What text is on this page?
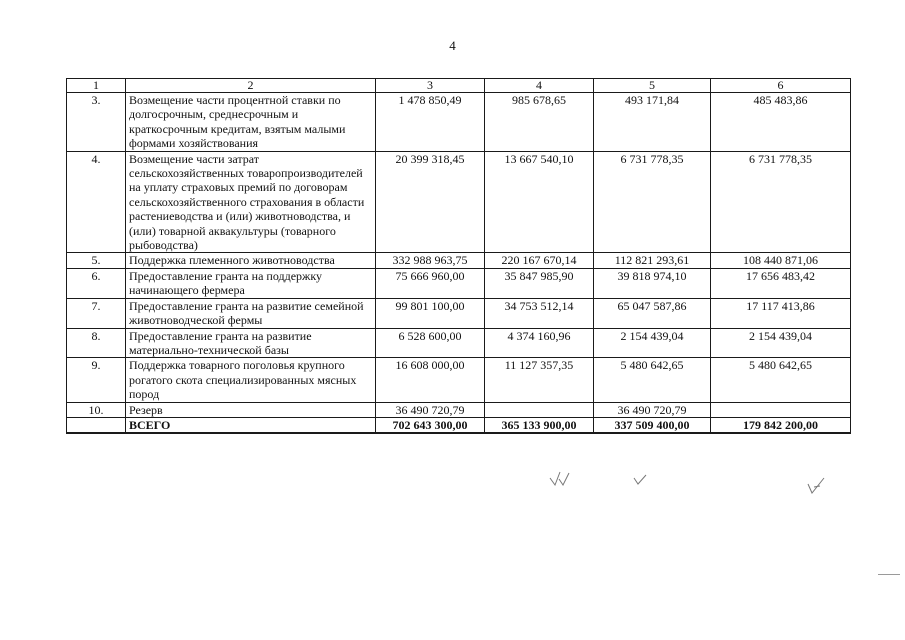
4
1	2	3	4	5	6
3.	Возмещение части процентной ставки по долгосрочным, среднесрочным и краткосрочным кредитам, взятым малыми формами хозяйствования	1 478 850,49	985 678,65	493 171,84	485 483,86
4.	Возмещение части затрат сельскохозяйственных товаропроизводителей на уплату страховых премий по договорам сельскохозяйственного страхования в области растениеводства и (или) животноводства, и (или) товарной аквакультуры (товарного рыбоводства)	20 399 318,45	13 667 540,10	6 731 778,35	6 731 778,35
5.	Поддержка племенного животноводства	332 988 963,75	220 167 670,14	112 821 293,61	108 440 871,06
6.	Предоставление гранта на поддержку начинающего фермера	75 666 960,00	35 847 985,90	39 818 974,10	17 656 483,42
7.	Предоставление гранта на развитие семейной животноводческой фермы	99 801 100,00	34 753 512,14	65 047 587,86	17 117 413,86
8.	Предоставление гранта на развитие материально-технической базы	6 528 600,00	4 374 160,96	2 154 439,04	2 154 439,04
9.	Поддержка товарного поголовья крупного рогатого скота специализированных мясных пород	16 608 000,00	11 127 357,35	5 480 642,65	5 480 642,65
10.	Резерв	36 490 720,79		36 490 720,79	
	ВСЕГО	702 643 300,00	365 133 900,00	337 509 400,00	179 842 200,00
